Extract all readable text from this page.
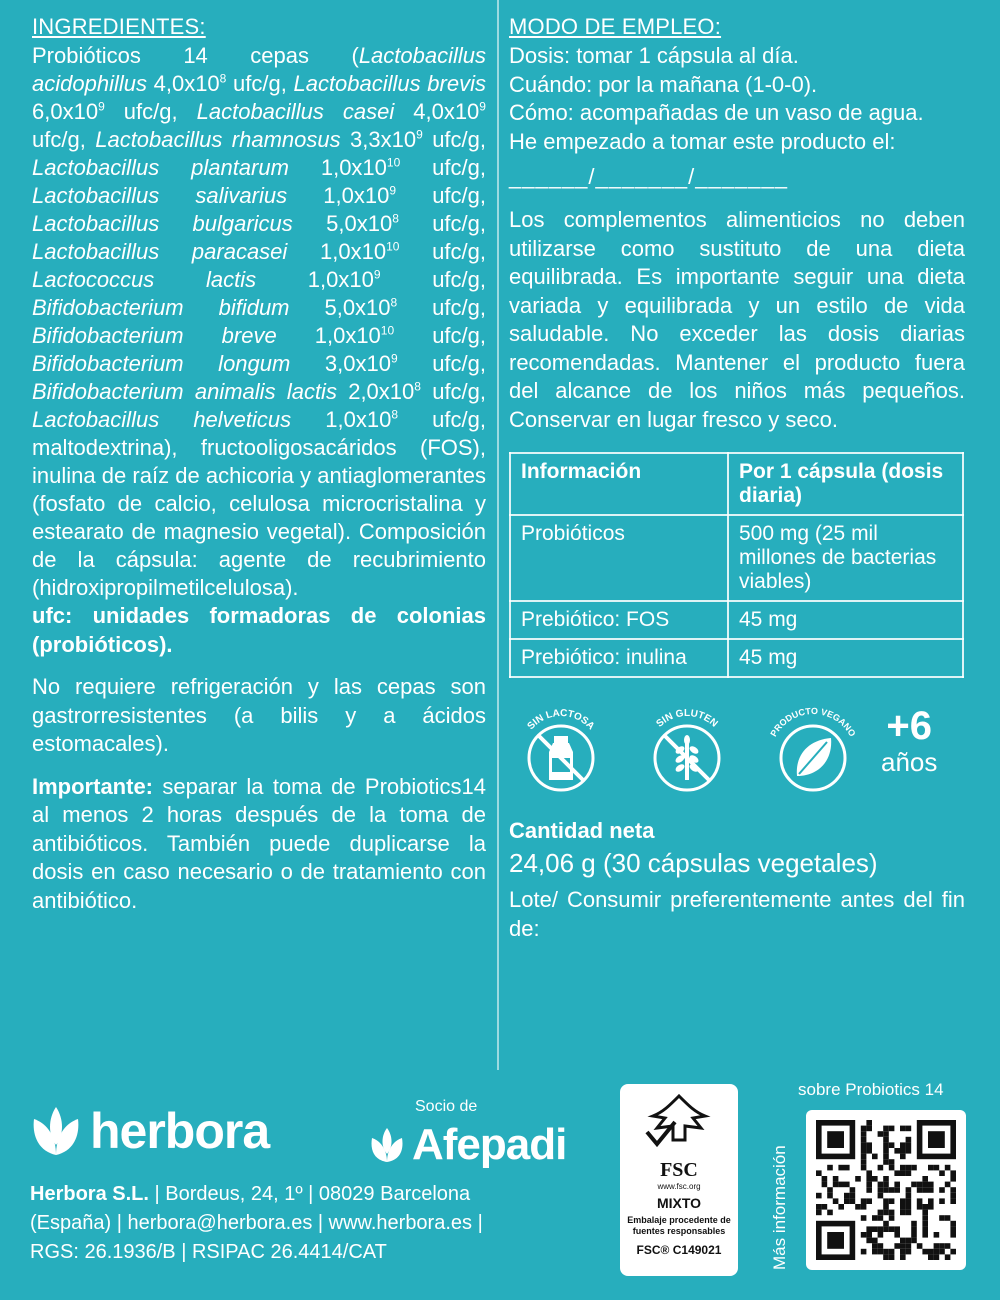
INGREDIENTES:

Probióticos 14 cepas (Lactobacillus acidophillus $4,0x10^8$ ufc/g, Lactobacillus brevis $6,0x10^9$ ufc/g, Lactobacillus casei $4,0x10^9$ ufc/g, Lactobacillus rhamnosus $3,3x10^9$ ufc/g, Lactobacillus plantarum $1,0x10^{10}$ ufc/g, Lactobacillus salivarius $1,0x10^9$ ufc/g, Lactobacillus bulgaricus $5,0x10^8$ ufc/g, Lactobacillus paracasei $1,0x10^{10}$ ufc/g, Lactococcus lactis $1,0x10^9$ ufc/g, Bifidobacterium bifidum $5,0x10^8$ ufc/g, Bifidobacterium breve $1,0x10^{10}$ ufc/g, Bifidobacterium longum $3,0x10^9$ ufc/g, Bifidobacterium animalis lactis $2,0x10^8$ ufc/g, Lactobacillus helveticus $1,0x10^8$ ufc/g, maltodextrina), fructooligosacáridos (FOS), inulina de raíz de achicoria y antiaglomerantes (fosfato de calcio, celulosa microcristalina y estearato de magnesio vegetal). Composición de la cápsula: agente de recubrimiento (hidroxipropilmetilcelulosa).

ufc: unidades formadoras de colonias (probióticos).

No requiere refrigeración y las cepas son gastrorresistentes (a bilis y a ácidos estomacales).

Importante: separar la toma de Probiotics14 al menos 2 horas después de la toma de antibióticos. También puede duplicarse la dosis en caso necesario o de tratamiento con antibiótico.

MODO DE EMPLEO:

Dosis: tomar 1 cápsula al día.

Cuándo: por la mañana (1-0-0).

Cómo: acompañadas de un vaso de agua.

He empezado a tomar este producto el:

______/_______/_______

Los complementos alimenticios no deben utilizarse como sustituto de una dieta equilibrada. Es importante seguir una dieta variada y equilibrada y un estilo de vida saludable. No exceder las dosis diarias recomendadas. Mantener el producto fuera del alcance de los niños más pequeños. Conservar en lugar fresco y seco.

Información	Por 1 cápsula (dosis diaria)
Probióticos	500 mg (25 mil millones de bacterias viables)
Prebiótico: FOS	45 mg
Prebiótico: inulina	45 mg
SIN LACTOSA	SIN GLUTEN
PRODUCTO VEGANO +6
años
Cantidad neta
24,06 g (30 cápsulas vegetales)
Lote/ Consumir preferentemente antes del fin de:
herbora	Socio de
Afepadi
Herbora S.L. | Bordeus, 24, 1º | 08029 Barcelona
(España) | herbora@herbora.es | www.herbora.es |
RGS: 26.1936/B | RSIPAC 26.4414/CAT
FSC
www.fsc.org
MIXTO
Embalaje procedente de fuentes responsables
FSC® C149021
sobre Probiotics 14
Más información
